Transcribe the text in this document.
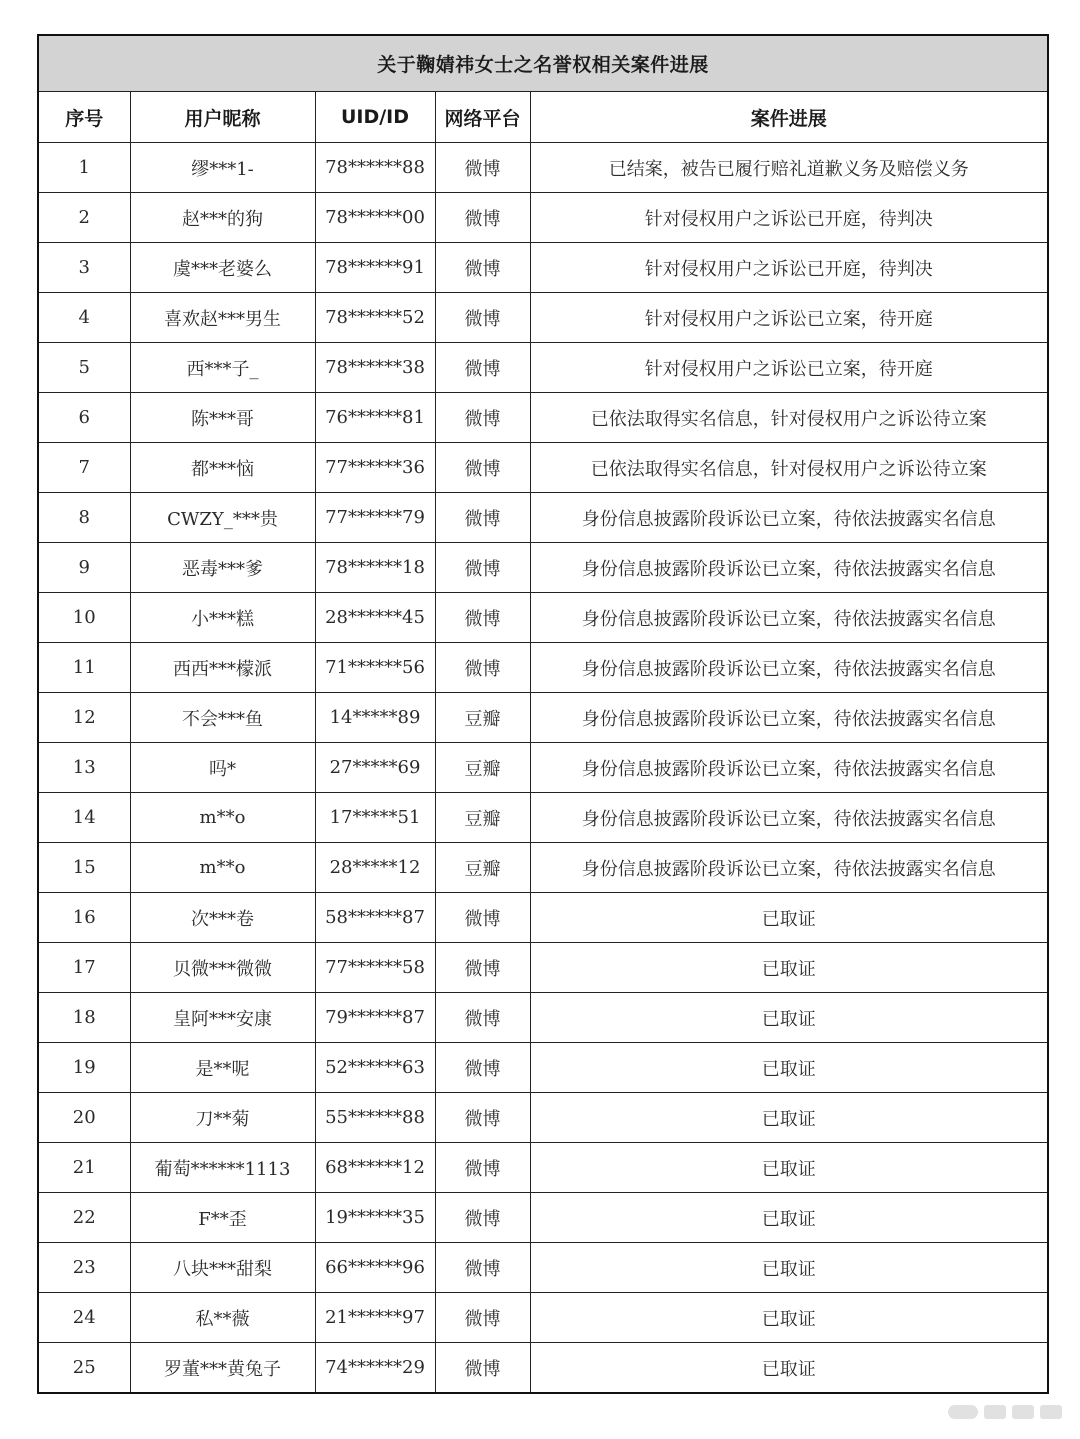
关于鞠婧祎女士之名誉权相关案件进展				
序号	用户昵称	UID/ID	网络平台	案件进展
1	缪***1-	78******88	微博	已结案，被告已履行赔礼道歉义务及赔偿义务
2	赵***的狗	78******00	微博	针对侵权用户之诉讼已开庭，待判决
3	虞***老婆么	78******91	微博	针对侵权用户之诉讼已开庭，待判决
4	喜欢赵***男生	78******52	微博	针对侵权用户之诉讼已立案，待开庭
5	西***子_	78******38	微博	针对侵权用户之诉讼已立案，待开庭
6	陈***哥	76******81	微博	已依法取得实名信息，针对侵权用户之诉讼待立案
7	都***恼	77******36	微博	已依法取得实名信息，针对侵权用户之诉讼待立案
8	CWZY_***贵	77******79	微博	身份信息披露阶段诉讼已立案，待依法披露实名信息
9	恶毒***爹	78******18	微博	身份信息披露阶段诉讼已立案，待依法披露实名信息
10	小***糕	28******45	微博	身份信息披露阶段诉讼已立案，待依法披露实名信息
11	西西***檬派	71******56	微博	身份信息披露阶段诉讼已立案，待依法披露实名信息
12	不会***鱼	14*****89	豆瓣	身份信息披露阶段诉讼已立案，待依法披露实名信息
13	吗*	27*****69	豆瓣	身份信息披露阶段诉讼已立案，待依法披露实名信息
14	m**o	17*****51	豆瓣	身份信息披露阶段诉讼已立案，待依法披露实名信息
15	m**o	28*****12	豆瓣	身份信息披露阶段诉讼已立案，待依法披露实名信息
16	次***卷	58******87	微博	已取证
17	贝微***微微	77******58	微博	已取证
18	皇阿***安康	79******87	微博	已取证
19	是**呢	52******63	微博	已取证
20	刀**菊	55******88	微博	已取证
21	葡萄******1113	68******12	微博	已取证
22	F**歪	19******35	微博	已取证
23	八块***甜梨	66******96	微博	已取证
24	私**薇	21******97	微博	已取证
25	罗董***黄兔子	74******29	微博	已取证
